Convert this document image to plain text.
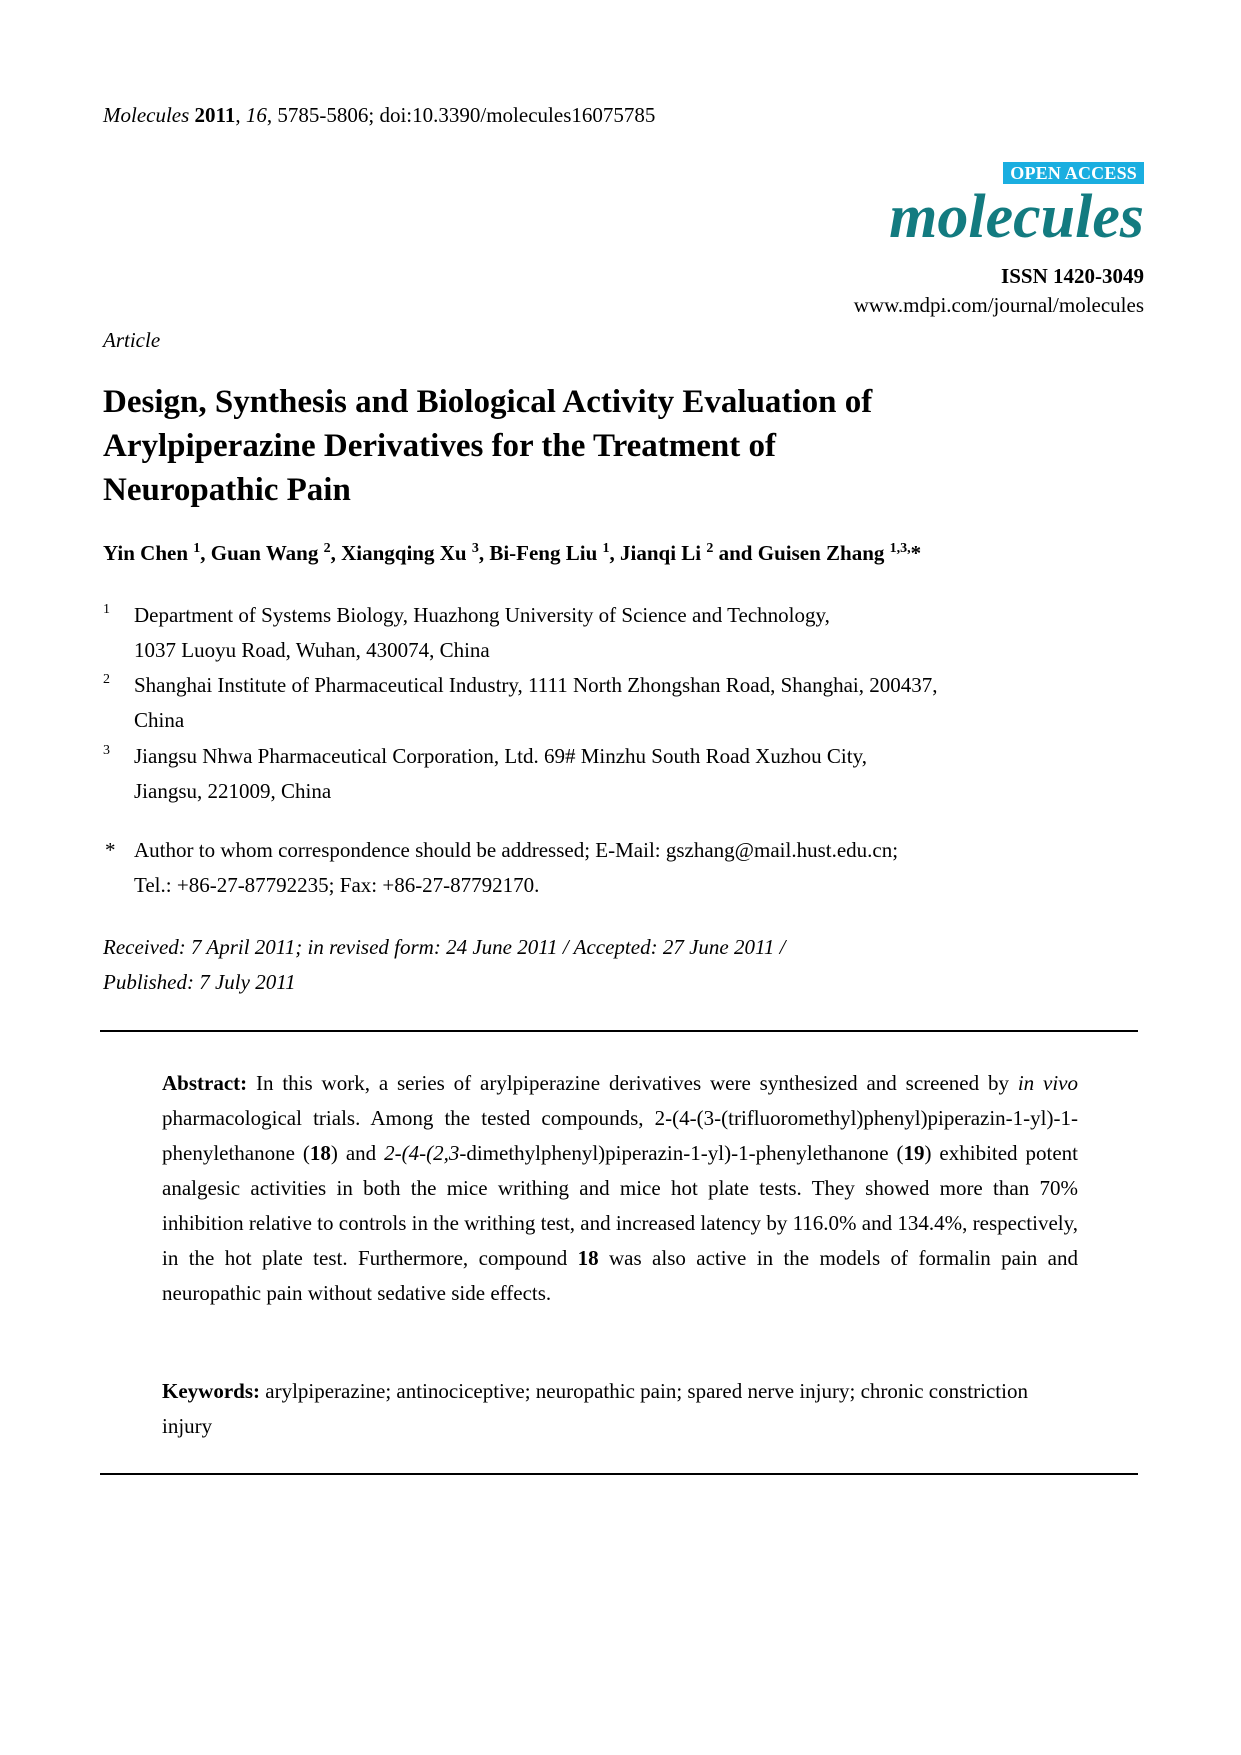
Molecules 2011, 16, 5785-5806; doi:10.3390/molecules16075785
OPEN ACCESS
molecules
ISSN 1420-3049
www.mdpi.com/journal/molecules
Article
Design, Synthesis and Biological Activity Evaluation of
Arylpiperazine Derivatives for the Treatment of
Neuropathic Pain
Yin Chen $^1$, Guan Wang $^2$, Xiangqing Xu $^3$, Bi-Feng Liu $^1$, Jianqi Li $^2$ and Guisen Zhang $^{1,3,}$*
1 Department of Systems Biology, Huazhong University of Science and Technology,
1037 Luoyu Road, Wuhan, 430074, China
2 Shanghai Institute of Pharmaceutical Industry, 1111 North Zhongshan Road, Shanghai, 200437,
China
3 Jiangsu Nhwa Pharmaceutical Corporation, Ltd. 69# Minzhu South Road Xuzhou City,
Jiangsu, 221009, China
* Author to whom correspondence should be addressed; E-Mail: gszhang@mail.hust.edu.cn;
Tel.: +86-27-87792235; Fax: +86-27-87792170.
Received: 7 April 2011; in revised form: 24 June 2011 / Accepted: 27 June 2011 /
Published: 7 July 2011
Abstract: In this work, a series of arylpiperazine derivatives were synthesized and screened by in vivo pharmacological trials. Among the tested compounds, 2-(4-(3-(trifluoromethyl)phenyl)piperazin-1-yl)-1-phenylethanone (18) and 2-(4-(2,3-dimethylphenyl)piperazin-1-yl)-1-phenylethanone (19) exhibited potent analgesic activities in both the mice writhing and mice hot plate tests. They showed more than 70% inhibition relative to controls in the writhing test, and increased latency by 116.0% and 134.4%, respectively, in the hot plate test. Furthermore, compound 18 was also active in the models of formalin pain and neuropathic pain without sedative side effects.
Keywords: arylpiperazine; antinociceptive; neuropathic pain; spared nerve injury; chronic constriction injury
